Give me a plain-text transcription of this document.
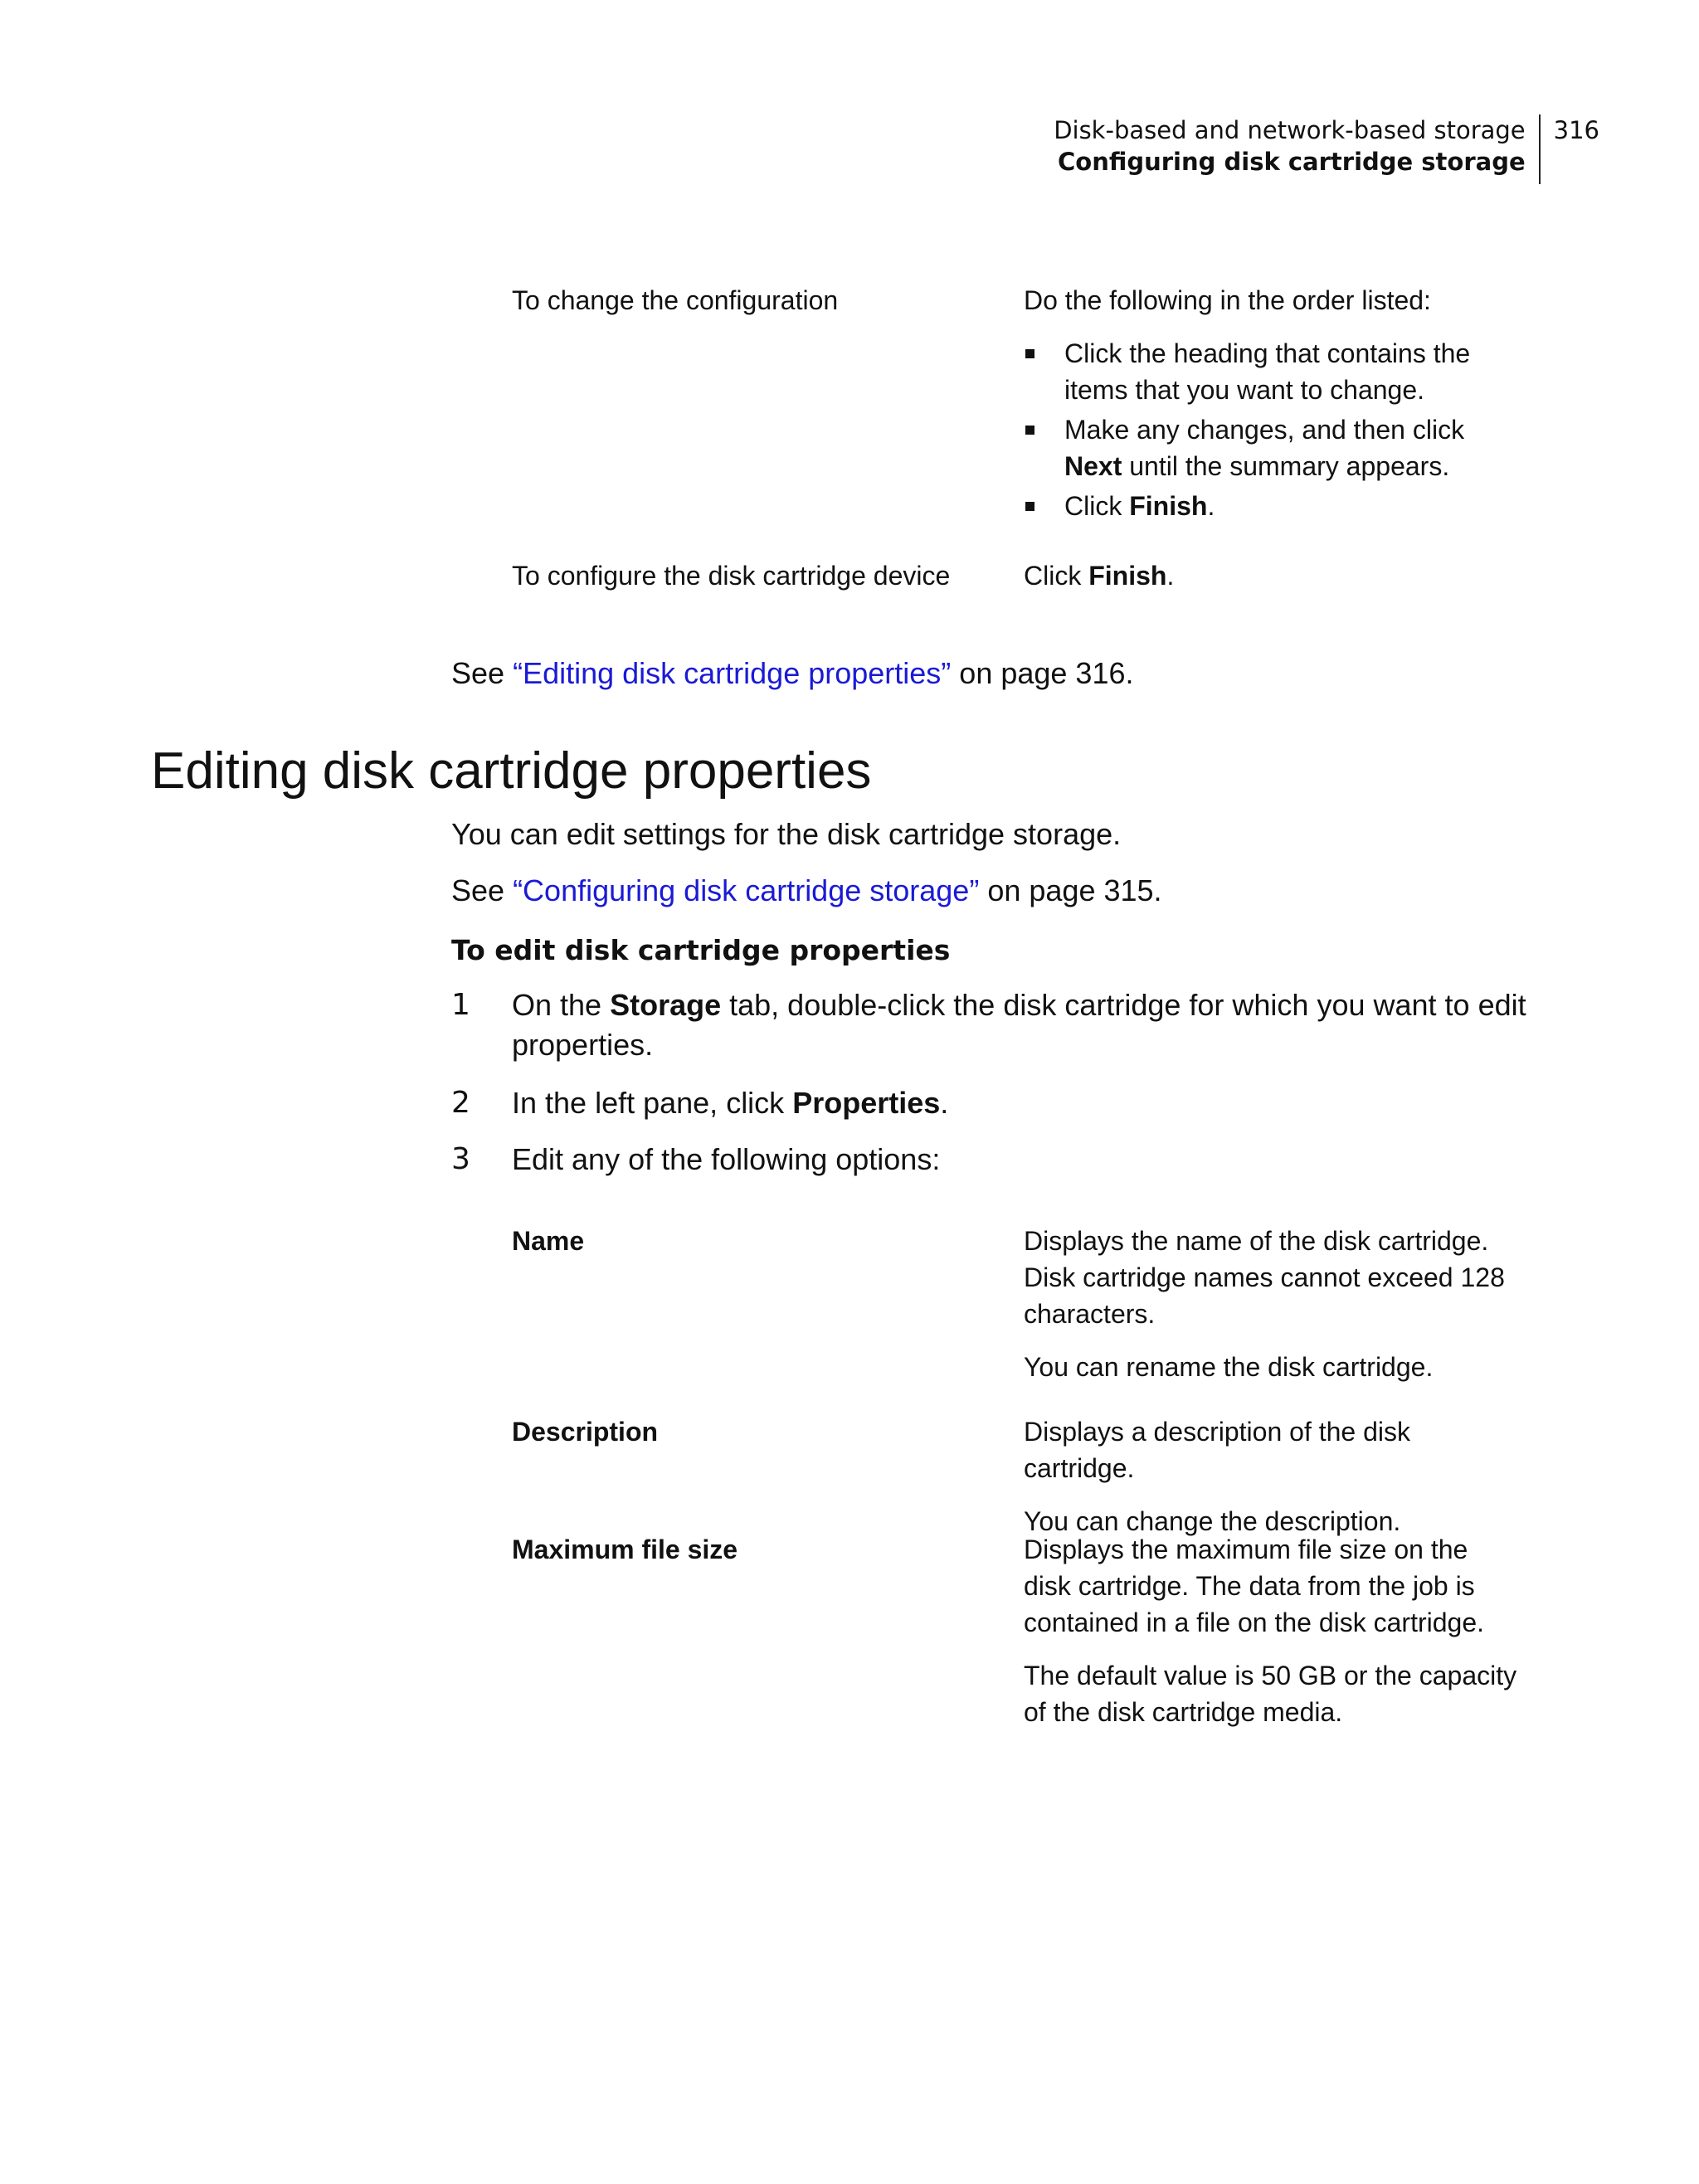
Disk-based and network-based storage
Configuring disk cartridge storage
316
To change the configuration	Do the following in the order listed:

Click the heading that contains the items that you want to change.
Make any changes, and then click Next until the summary appears.
Click Finish.
To configure the disk cartridge device	Click Finish.
See “Editing disk cartridge properties” on page 316.
Editing disk cartridge properties
You can edit settings for the disk cartridge storage.
See “Configuring disk cartridge storage” on page 315.
To edit disk cartridge properties
1	On the Storage tab, double-click the disk cartridge for which you want to edit properties.
2	In the left pane, click Properties.
3	Edit any of the following options:
Name	Displays the name of the disk cartridge. Disk cartridge names cannot exceed 128 characters.

You can rename the disk cartridge.

Description	Displays a description of the disk cartridge.

You can change the description.

Maximum file size	Displays the maximum file size on the disk cartridge. The data from the job is contained in a file on the disk cartridge.

The default value is 50 GB or the capacity of the disk cartridge media.
